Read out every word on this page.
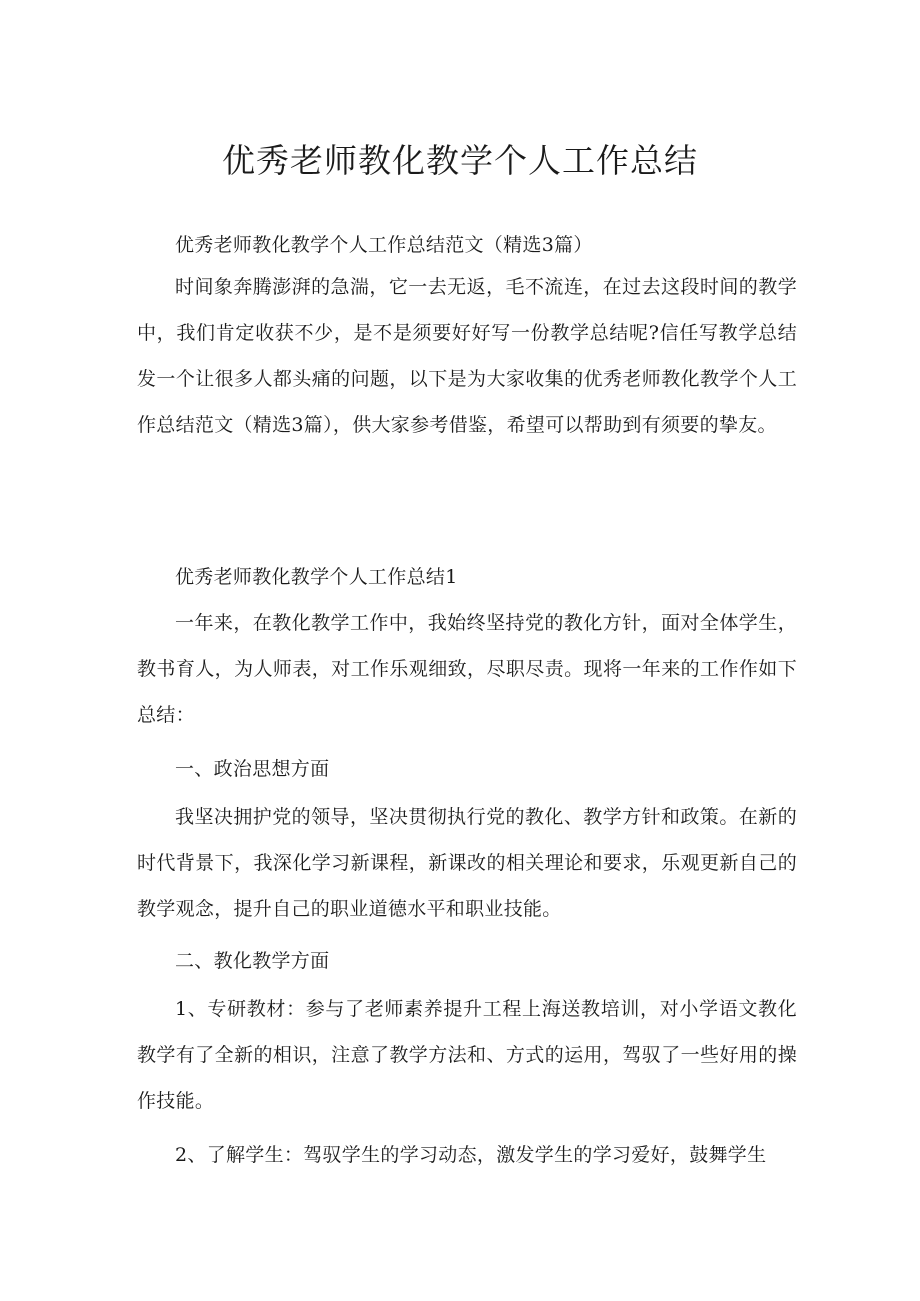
优秀老师教化教学个人工作总结

优秀老师教化教学个人工作总结范文（精选3篇）

时间象奔腾澎湃的急湍，它一去无返，毛不流连，在过去这段时间的教学中，我们肯定收获不少，是不是须要好好写一份教学总结呢?信任写教学总结发一个让很多人都头痛的问题，以下是为大家收集的优秀老师教化教学个人工作总结范文（精选3篇），供大家参考借鉴，希望可以帮助到有须要的挚友。

优秀老师教化教学个人工作总结1

一年来，在教化教学工作中，我始终坚持党的教化方针，面对全体学生，教书育人，为人师表，对工作乐观细致，尽职尽责。现将一年来的工作作如下总结：

一、政治思想方面

我坚决拥护党的领导，坚决贯彻执行党的教化、教学方针和政策。在新的时代背景下，我深化学习新课程，新课改的相关理论和要求，乐观更新自己的教学观念，提升自己的职业道德水平和职业技能。

二、教化教学方面

1、专研教材：参与了老师素养提升工程上海送教培训，对小学语文教化教学有了全新的相识，注意了教学方法和、方式的运用，驾驭了一些好用的操作技能。

2、了解学生：驾驭学生的学习动态，激发学生的学习爱好，鼓舞学生
